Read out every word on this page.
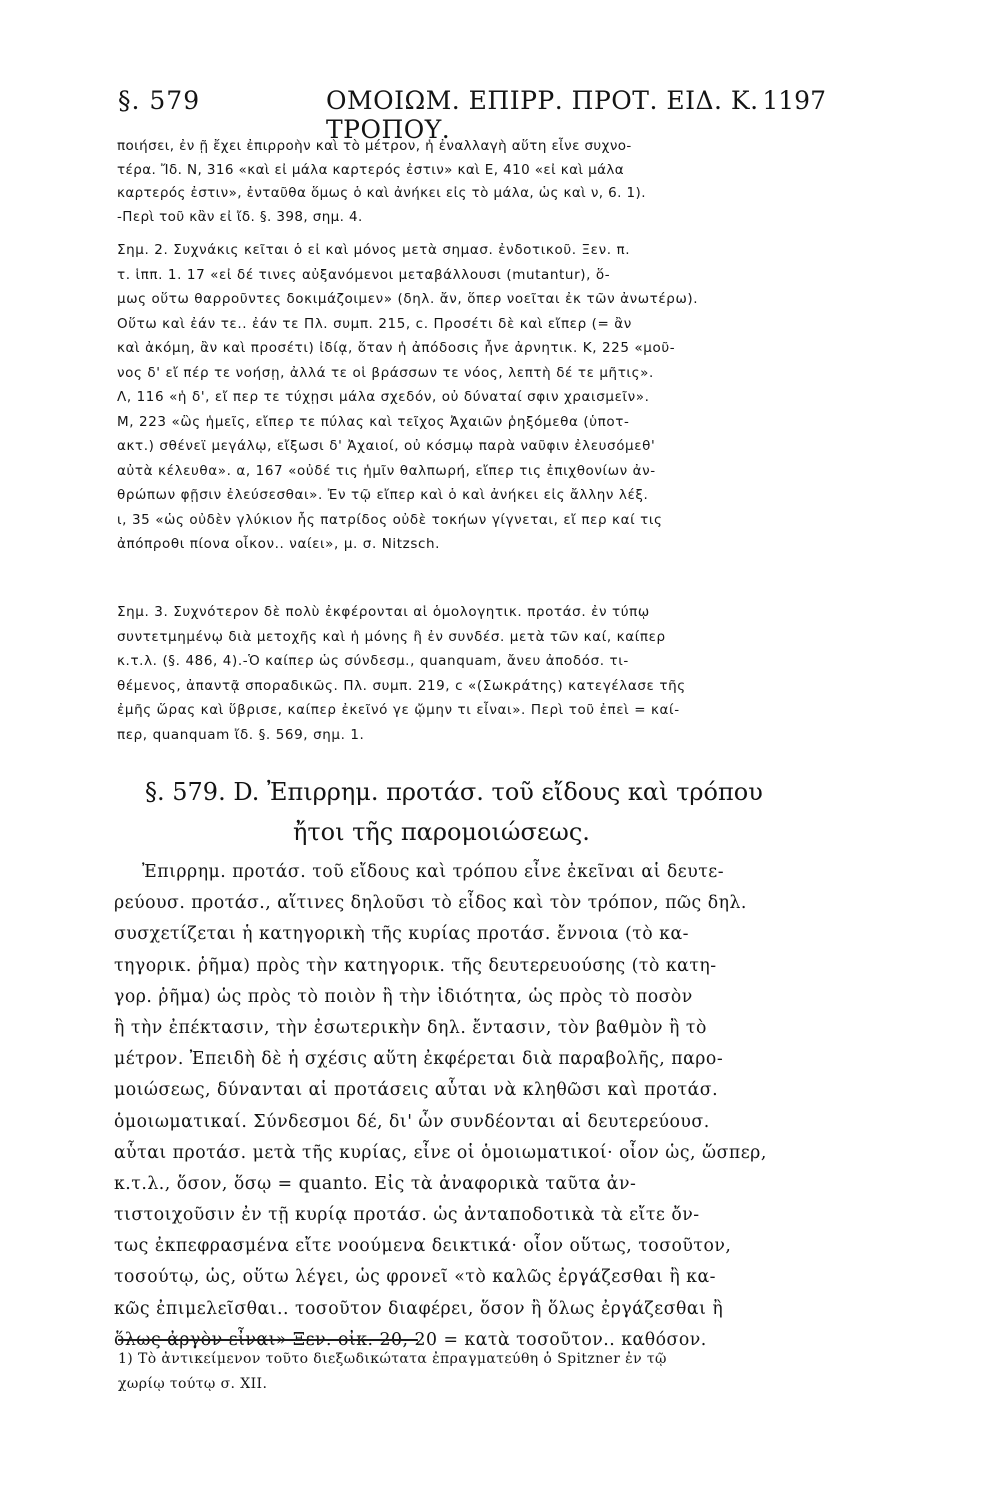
§. 579	ΟΜΟΙΩΜ. ΕΠΙΡΡ. ΠΡΟΤ. ΕΙΔ. Κ. ΤΡΟΠΟΥ.
1197
ποιήσει, ἐν ῇ ἔχει ἐπιρροὴν καὶ τὸ μέτρον, ἡ ἐναλλαγὴ αὕτη εἶνε συχνο-
τέρα. Ἴδ. Ν, 316 «καὶ εἰ μάλα καρτερός ἐστιν» καὶ Ε, 410 «εἰ καὶ μάλα
καρτερός ἐστιν», ἐνταῦθα ὅμως ὁ καὶ ἀνήκει εἰς τὸ μάλα, ὡς καὶ ν, 6. 1).
-Περὶ τοῦ κἂν εἰ ἴδ. §. 398, σημ. 4.
Σημ. 2. Συχνάκις κεῖται ὁ εἰ καὶ μόνος μετὰ σημασ. ἐνδοτικοῦ. Ξεν. π.
τ. ἱππ. 1. 17 «εἰ δέ τινες αὐξανόμενοι μεταβάλλουσι (mutantur), ὅ-
μως οὕτω θαρροῦντες δοκιμάζοιμεν» (δηλ. ἄν, ὅπερ νοεῖται ἐκ τῶν ἀνωτέρω).
Οὕτω καὶ ἐάν τε.. ἐάν τε Πλ. συμπ. 215, c. Προσέτι δὲ καὶ εἴπερ (= ἂν
καὶ ἀκόμη, ἂν καὶ προσέτι) ἰδίᾳ, ὅταν ἡ ἀπόδοσις ἦνε ἀρνητικ. Κ, 225 «μοῦ-
νος δ' εἴ πέρ τε νοήσῃ, ἀλλά τε οἱ βράσσων τε νόος, λεπτὴ δέ τε μῆτις».
Λ, 116 «ἡ δ', εἴ περ τε τύχῃσι μάλα σχεδόν, οὐ δύναταί σφιν χραισμεῖν».
Μ, 223 «ὣς ἡμεῖς, εἴπερ τε πύλας καὶ τεῖχος Ἀχαιῶν ῥηξόμεθα (ὑποτ-
ακτ.) σθένεϊ μεγάλῳ, εἴξωσι δ' Ἀχαιοί, οὐ κόσμῳ παρὰ ναῦφιν ἐλευσόμεθ'
αὐτὰ κέλευθα». α, 167 «οὐδέ τις ἡμῖν θαλπωρή, εἴπερ τις ἐπιχθονίων ἀν-
θρώπων φῇσιν ἐλεύσεσθαι». Ἐν τῷ εἴπερ καὶ ὁ καὶ ἀνήκει εἰς ἄλλην λέξ.
ι, 35 «ὡς οὐδὲν γλύκιον ἧς πατρίδος οὐδὲ τοκήων γίγνεται, εἴ περ καί τις
ἀπόπροθι πίονα οἶκον.. ναίει», μ. σ. Nitzsch.
Σημ. 3. Συχνότερον δὲ πολὺ ἐκφέρονται αἱ ὁμολογητικ. προτάσ. ἐν τύπῳ
συντετμημένῳ διὰ μετοχῆς καὶ ἡ μόνης ἢ ἐν συνδέσ. μετὰ τῶν καί, καίπερ
κ.τ.λ. (§. 486, 4).-Ὁ καίπερ ὡς σύνδεσμ., quanquam, ἄνευ ἀποδόσ. τι-
θέμενος, ἀπαντᾷ σποραδικῶς. Πλ. συμπ. 219, c «(Σωκράτης) κατεγέλασε τῆς
ἐμῆς ὥρας καὶ ὕβρισε, καίπερ ἐκεῖνό γε ᾤμην τι εἶναι». Περὶ τοῦ ἐπεὶ = καί-
περ, quanquam ἴδ. §. 569, σημ. 1.
§. 579. D. Ἐπιρρημ. προτάσ. τοῦ εἴδους καὶ τρόπου
ἤτοι τῆς παρομοιώσεως.
Ἐπιρρημ. προτάσ. τοῦ εἴδους καὶ τρόπου εἶνε ἐκεῖναι αἱ δευτε-
ρεύουσ. προτάσ., αἵτινες δηλοῦσι τὸ εἶδος καὶ τὸν τρόπον, πῶς δηλ.
συσχετίζεται ἡ κατηγορικὴ τῆς κυρίας προτάσ. ἔννοια (τὸ κα-
τηγορικ. ῥῆμα) πρὸς τὴν κατηγορικ. τῆς δευτερευούσης (τὸ κατη-
γορ. ῥῆμα) ὡς πρὸς τὸ ποιὸν ἢ τὴν ἰδιότητα, ὡς πρὸς τὸ ποσὸν
ἢ τὴν ἐπέκτασιν, τὴν ἐσωτερικὴν δηλ. ἔντασιν, τὸν βαθμὸν ἢ τὸ
μέτρον. Ἐπειδὴ δὲ ἡ σχέσις αὕτη ἐκφέρεται διὰ παραβολῆς, παρο-
μοιώσεως, δύνανται αἱ προτάσεις αὗται νὰ κληθῶσι καὶ προτάσ.
ὁμοιωματικαί. Σύνδεσμοι δέ, δι' ὧν συνδέονται αἱ δευτερεύουσ.
αὗται προτάσ. μετὰ τῆς κυρίας, εἶνε οἱ ὁμοιωματικοί· οἷον ὡς, ὥσπερ,
κ.τ.λ., ὅσον, ὅσῳ = quanto. Εἰς τὰ ἀναφορικὰ ταῦτα ἀν-
τιστοιχοῦσιν ἐν τῇ κυρίᾳ προτάσ. ὡς ἀνταποδοτικὰ τὰ εἴτε ὄν-
τως ἐκπεφρασμένα εἴτε νοούμενα δεικτικά· οἷον οὕτως, τοσοῦτον,
τοσούτῳ, ὡς, οὕτω λέγει, ὡς φρονεῖ «τὸ καλῶς ἐργάζεσθαι ἢ κα-
κῶς ἐπιμελεῖσθαι.. τοσοῦτον διαφέρει, ὅσον ἢ ὅλως ἐργάζεσθαι ἢ
ὅλως ἀργὸν εἶναι» Ξεν. οἰκ. 20, 20 = κατὰ τοσοῦτον.. καθόσον.
1) Τὸ ἀντικείμενον τοῦτο διεξωδικώτατα ἐπραγματεύθη ὁ Spitzner ἐν τῷ
χωρίῳ τούτῳ σ. XII.
